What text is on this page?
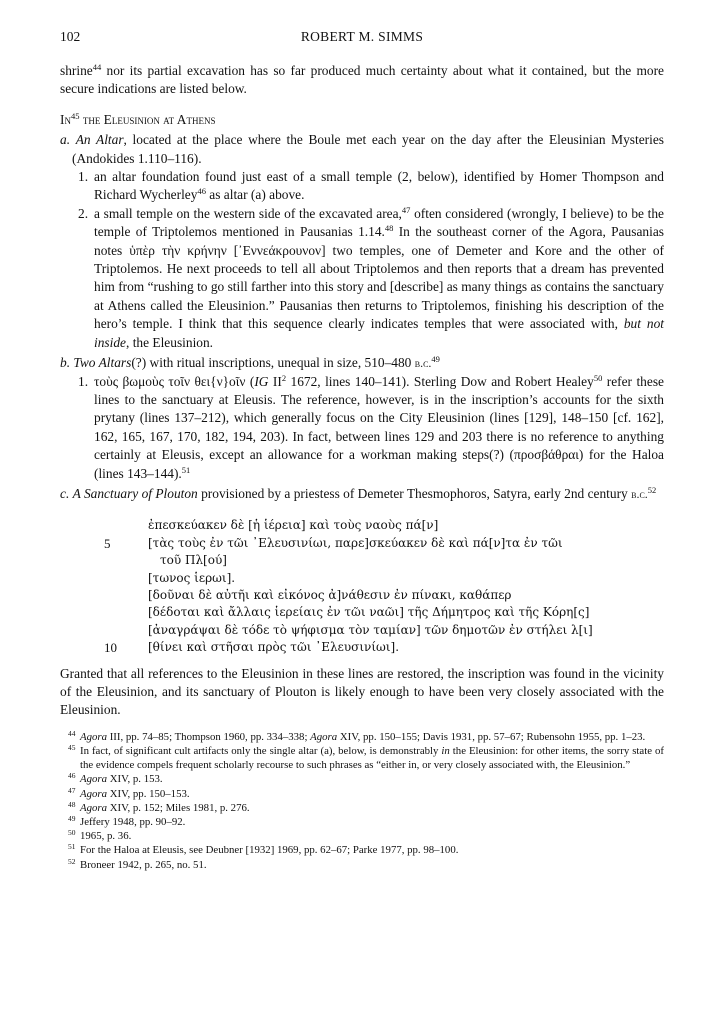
102	ROBERT M. SIMMS

shrine$^{44}$ nor its partial excavation has so far produced much certainty about what it contained, but the more secure indications are listed below.

In$^{45}$ the Eleusinion at Athens

a. An Altar, located at the place where the Boule met each year on the day after the Eleusinian Mysteries (Andokides 1.110–116).

1. an altar foundation found just east of a small temple (2, below), identified by Homer Thompson and Richard Wycherley$^{46}$ as altar (a) above.

2. a small temple on the western side of the excavated area,$^{47}$ often considered (wrongly, I believe) to be the temple of Triptolemos mentioned in Pausanias 1.14.48 In the southeast corner of the Agora, Pausanias notes ὑπὲρ τὴν κρήνην [᾿Εννεάκρουνον] two temples, one of Demeter and Kore and the other of Triptolemos. He next proceeds to tell all about Triptolemos and then reports that a dream has prevented him from “rushing to go still farther into this story and [describe] as many things as contains the sanctuary at Athens called the Eleusinion.” Pausanias then returns to Triptolemos, finishing his description of the hero’s temple. I think that this sequence clearly indicates temples that were associated with, but not inside, the Eleusinion.

b. Two Altars(?) with ritual inscriptions, unequal in size, 510–480 b.c.$^{49}$

1. τοὺς βωμοὺς τοῖν θει{ν}οῖν (IG $II^2$ 1672, lines 140–141). Sterling Dow and Robert Healey$^{50}$ refer these lines to the sanctuary at Eleusis. The reference, however, is in the inscription’s accounts for the sixth prytany (lines 137–212), which generally focus on the City Eleusinion (lines [129], 148–150 [cf. 162], 162, 165, 167, 170, 182, 194, 203). In fact, between lines 129 and 203 there is no reference to anything certainly at Eleusis, except an allowance for a workman making steps(?) (προσβάθραι) for the Haloa (lines 143–144).$^{51}$

c. A Sanctuary of Plouton provisioned by a priestess of Demeter Thesmophoros, Satyra, early 2nd century b.c.$^{52}$

ἐπεσκεύακεν δὲ [ἡ ἱέρεια] καὶ τοὺς ναοὺς πά[ν]
5	[τὰς τοὺς ἐν τῶι ᾿Ελευσινίωι, παρε]σκεύακεν δὲ καὶ πά[ν]τα ἐν τῶι
τοῦ Πλ[ού]
[τωνος ἱερωι].
[δοῦναι δὲ αὐτῆι καὶ εἰκόνος ἀ]νάθεσιν ἐν πίνακι, καθάπερ
[δέδοται καὶ ἄλλαις ἱερείαις ἐν τῶι ναῶι] τῆς Δήμητρος καὶ τῆς Κόρη[ς]
[ἀναγράψαι δὲ τόδε τὸ ψήφισμα τὸν ταμίαν] τῶν δημοτῶν ἐν στήλει λ[ι]
10	[θίνει καὶ στῆσαι πρὸς τῶι ᾿Ελευσινίωι].

Granted that all references to the Eleusinion in these lines are restored, the inscription was found in the vicinity of the Eleusinion, and its sanctuary of Plouton is likely enough to have been very closely associated with the Eleusinion.

44 Agora III, pp. 74–85; Thompson 1960, pp. 334–338; Agora XIV, pp. 150–155; Davis 1931, pp. 57–67; Rubensohn 1955, pp. 1–23.
45 In fact, of significant cult artifacts only the single altar (a), below, is demonstrably in the Eleusinion: for other items, the sorry state of the evidence compels frequent scholarly recourse to such phrases as “either in, or very closely associated with, the Eleusinion.”
46 Agora XIV, p. 153.
47 Agora XIV, pp. 150–153.
48 Agora XIV, p. 152; Miles 1981, p. 276.
49 Jeffery 1948, pp. 90–92.
50 1965, p. 36.
51 For the Haloa at Eleusis, see Deubner [1932] 1969, pp. 62–67; Parke 1977, pp. 98–100.
52 Broneer 1942, p. 265, no. 51.
